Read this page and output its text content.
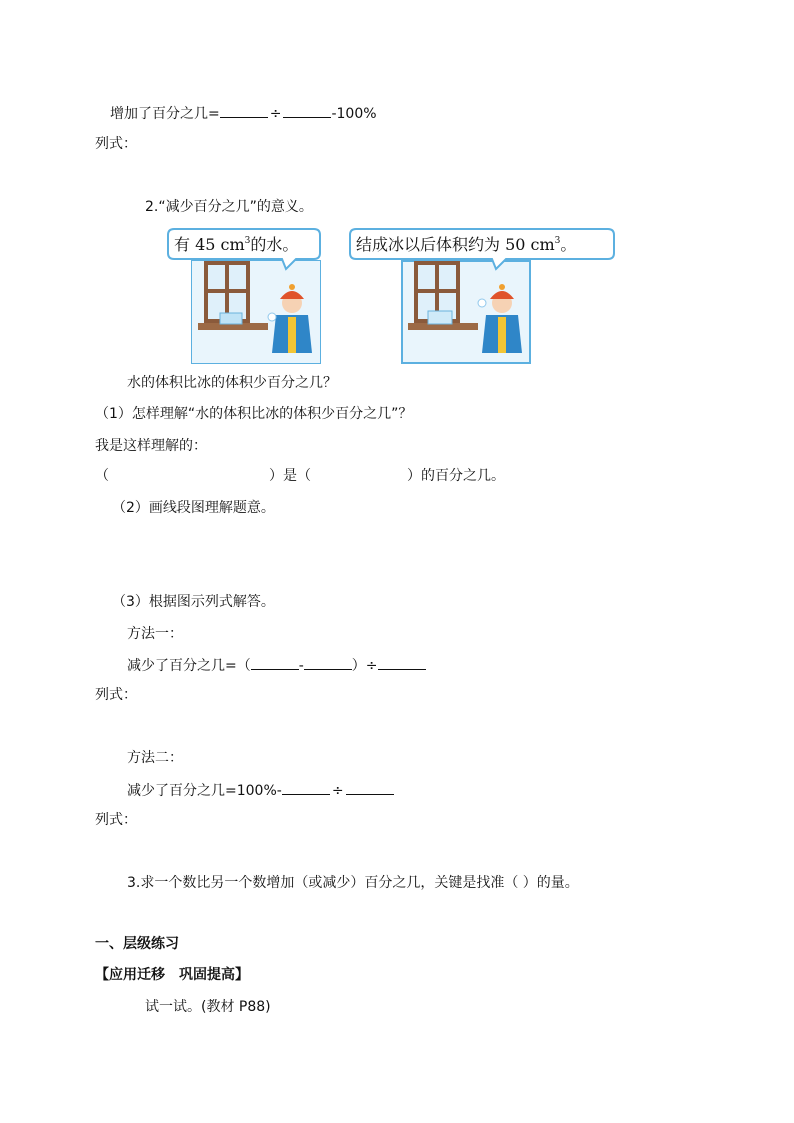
增加了百分之几=	÷	-100%
列式：
2.“减少百分之几”的意义。
有 45 $cm^3$的水。	结成冰以后体积约为 50 $cm^3$。
水的体积比冰的体积少百分之几？
（1）怎样理解“水的体积比冰的体积少百分之几”？
我是这样理解的：
（	）是（	）的百分之几。
（2）画线段图理解题意。
（3）根据图示列式解答。
方法一：
减少了百分之几=（	-	）÷
列式：
方法二：
减少了百分之几=100%-	÷
列式：
3.求一个数比另一个数增加（或减少）百分之几，关键是找准（ ）的量。
一、层级练习
【应用迁移　巩固提高】
试一试。(教材 P88)
